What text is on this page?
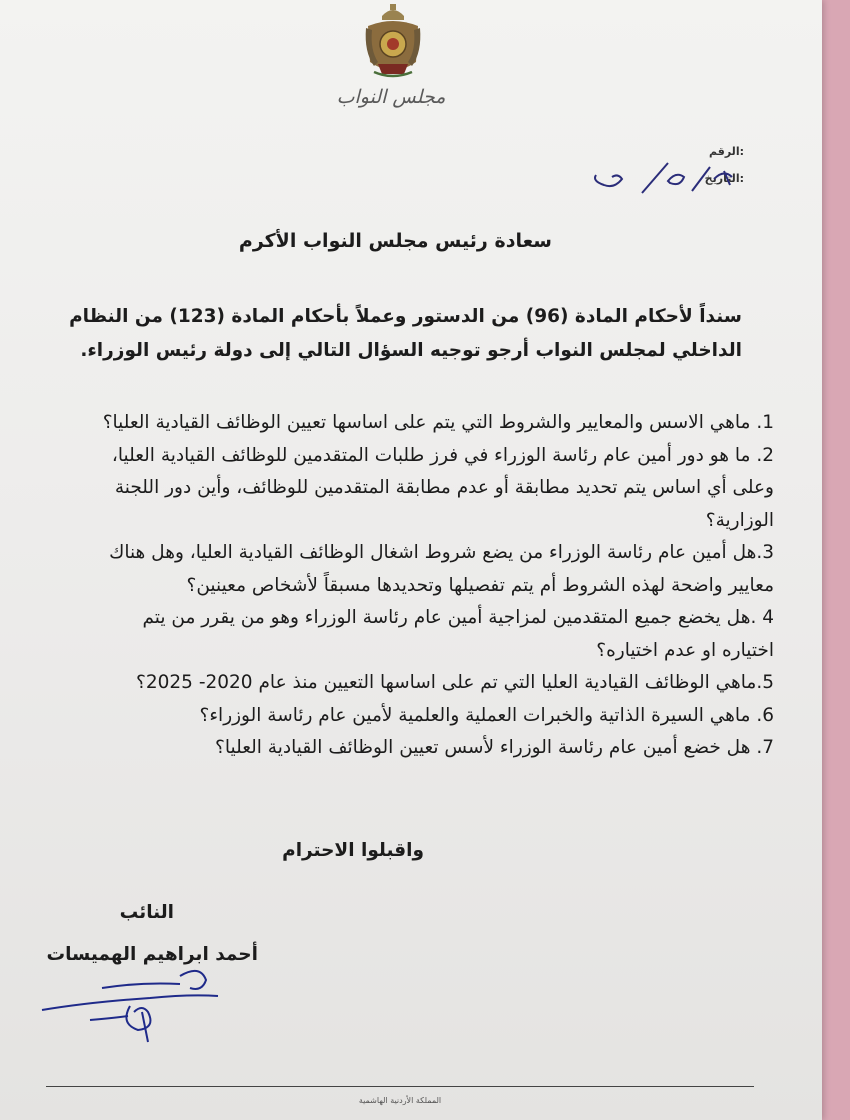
مجلس النواب
الرقم:
التاريخ:
سعادة رئيس مجلس النواب الأكرم
سنداً لأحكام المادة (96) من الدستور وعملاً بأحكام المادة (123) من النظام
الداخلي لمجلس النواب أرجو توجيه السؤال التالي إلى دولة رئيس الوزراء.
1. ماهي الاسس والمعايير والشروط التي يتم على اساسها تعيين الوظائف القيادية العليا؟
2. ما هو دور أمين عام رئاسة الوزراء في فرز طلبات المتقدمين للوظائف القيادية العليا،
وعلى أي اساس يتم تحديد مطابقة أو عدم مطابقة المتقدمين للوظائف، وأين دور اللجنة
الوزارية؟
3.هل أمين عام رئاسة الوزراء من يضع شروط اشغال الوظائف القيادية العليا، وهل هناك
معايير واضحة لهذه الشروط أم يتم تفصيلها وتحديدها مسبقاً لأشخاص معينين؟
4 .هل يخضع جميع المتقدمين لمزاجية أمين عام رئاسة الوزراء وهو من يقرر من يتم
اختياره او عدم اختياره؟
5.ماهي الوظائف القيادية العليا التي تم على اساسها التعيين منذ عام 2020- 2025؟
6. ماهي السيرة الذاتية والخبرات العملية والعلمية لأمين عام رئاسة الوزراء؟
7. هل خضع أمين عام رئاسة الوزراء لأسس تعيين الوظائف القيادية العليا؟
واقبلوا الاحترام
النائب
أحمد ابراهيم الهميسات
المملكة الأردنية الهاشمية
